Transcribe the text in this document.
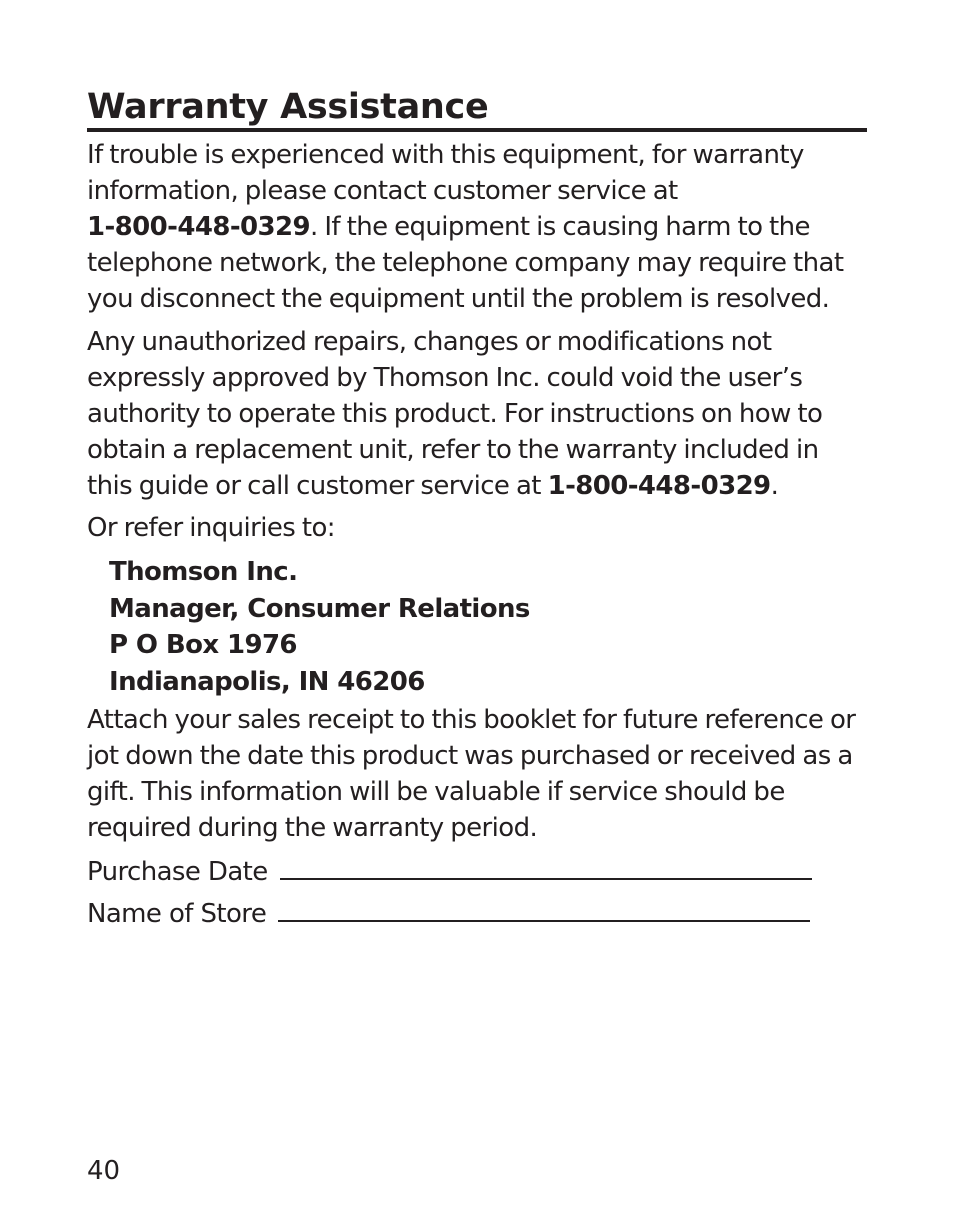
Warranty Assistance

If trouble is experienced with this equipment, for warranty information, please contact customer service at
1-800-448-0329. If the equipment is causing harm to the telephone network, the telephone company may require that you disconnect the equipment until the problem is resolved.

Any unauthorized repairs, changes or modifications not expressly approved by Thomson Inc. could void the user’s authority to operate this product. For instructions on how to obtain a replacement unit, refer to the warranty included in this guide or call customer service at 1-800-448-0329.

Or refer inquiries to:

Thomson Inc.
Manager, Consumer Relations
P O Box 1976
Indianapolis, IN 46206

Attach your sales receipt to this booklet for future reference or jot down the date this product was purchased or received as a gift. This information will be valuable if service should be required during the warranty period.

Purchase Date
Name of Store
40
